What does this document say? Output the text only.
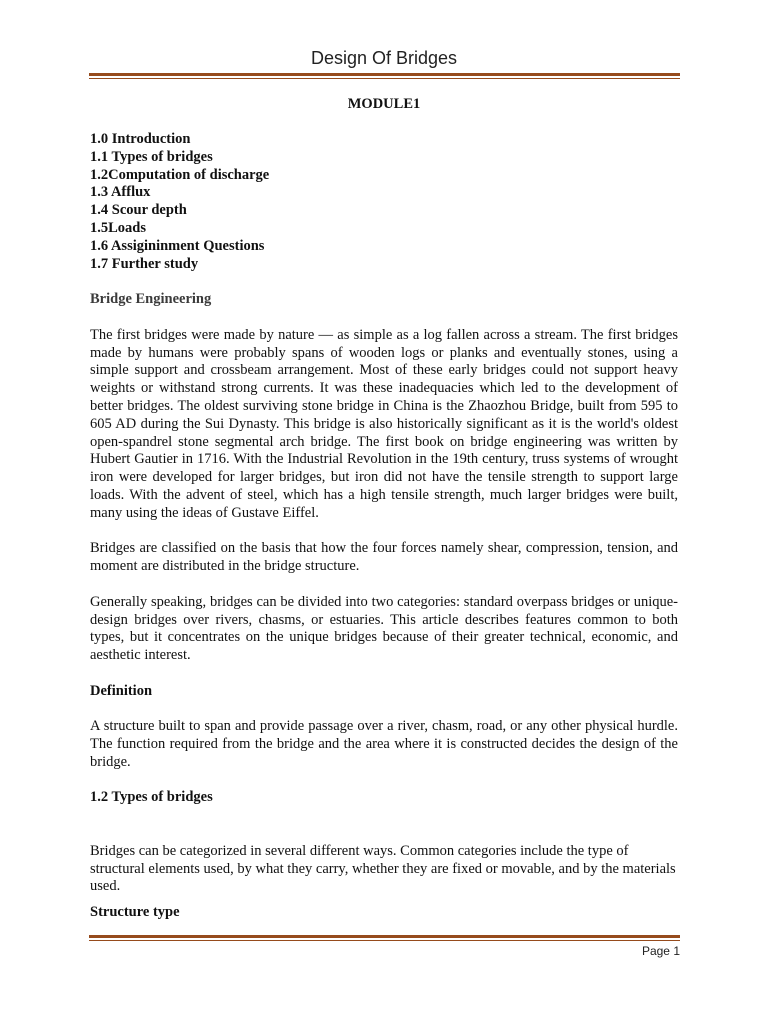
Design Of Bridges
MODULE1
1.0 Introduction
1.1 Types of bridges
1.2Computation of discharge
1.3 Afflux
1.4 Scour depth
1.5Loads
1.6 Assigininment Questions
1.7 Further study
Bridge Engineering

The first bridges were made by nature — as simple as a log fallen across a stream. The first bridges made by humans were probably spans of wooden logs or planks and eventually stones, using a simple support and crossbeam arrangement. Most of these early bridges could not support heavy weights or withstand strong currents. It was these inadequacies which led to the development of better bridges. The oldest surviving stone bridge in China is the Zhaozhou Bridge, built from 595 to 605 AD during the Sui Dynasty. This bridge is also historically significant as it is the world's oldest open-spandrel stone segmental arch bridge. The first book on bridge engineering was written by Hubert Gautier in 1716. With the Industrial Revolution in the 19th century, truss systems of wrought iron were developed for larger bridges, but iron did not have the tensile strength to support large loads. With the advent of steel, which has a high tensile strength, much larger bridges were built, many using the ideas of Gustave Eiffel.

Bridges are classified on the basis that how the four forces namely shear, compression, tension, and moment are distributed in the bridge structure.

Generally speaking, bridges can be divided into two categories: standard overpass bridges or unique-design bridges over rivers, chasms, or estuaries. This article describes features common to both types, but it concentrates on the unique bridges because of their greater technical, economic, and aesthetic interest.

Definition

A structure built to span and provide passage over a river, chasm, road, or any other physical hurdle. The function required from the bridge and the area where it is constructed decides the design of the bridge.

1.2 Types of bridges

Bridges can be categorized in several different ways. Common categories include the type of structural elements used, by what they carry, whether they are fixed or movable, and by the materials used.

Structure type
Page 1
